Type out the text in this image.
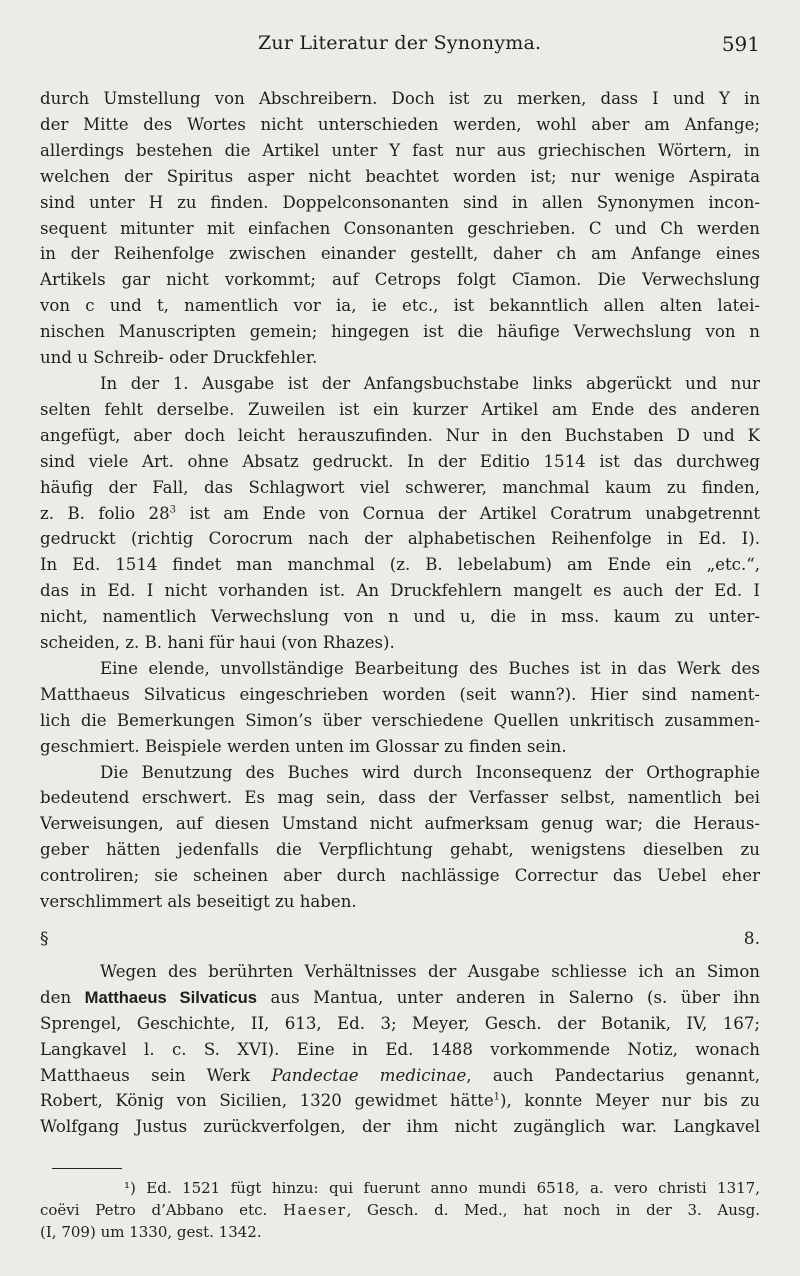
Zur Literatur der Synonyma.	591

durch Umstellung von Abschreibern. Doch ist zu merken, dass I und Y in
der Mitte des Wortes nicht unterschieden werden, wohl aber am Anfange;
allerdings bestehen die Artikel unter Y fast nur aus griechischen Wörtern, in
welchen der Spiritus asper nicht beachtet worden ist; nur wenige Aspirata
sind unter H zu finden. Doppelconsonanten sind in allen Synonymen incon-
sequent mitunter mit einfachen Consonanten geschrieben. C und Ch werden
in der Reihenfolge zwischen einander gestellt, daher ch am Anfange eines
Artikels gar nicht vorkommt; auf Cetrops folgt Cīamon. Die Verwechslung
von c und t, namentlich vor ia, ie etc., ist bekanntlich allen alten latei-
nischen Manuscripten gemein; hingegen ist die häufige Verwechslung von n
und u Schreib- oder Druckfehler.

In der 1. Ausgabe ist der Anfangsbuchstabe links abgerückt und nur
selten fehlt derselbe. Zuweilen ist ein kurzer Artikel am Ende des anderen
angefügt, aber doch leicht herauszufinden. Nur in den Buchstaben D und K
sind viele Art. ohne Absatz gedruckt. In der Editio 1514 ist das durchweg
häufig der Fall, das Schlagwort viel schwerer, manchmal kaum zu finden,
z. B. folio $28^3$ ist am Ende von Cornua der Artikel Coratrum unabgetrennt
gedruckt (richtig Corocrum nach der alphabetischen Reihenfolge in Ed. I).
In Ed. 1514 findet man manchmal (z. B. lebelabum) am Ende ein „etc.“,
das in Ed. I nicht vorhanden ist. An Druckfehlern mangelt es auch der Ed. I
nicht, namentlich Verwechslung von n und u, die in mss. kaum zu unter-
scheiden, z. B. hani für haui (von Rhazes).

Eine elende, unvollständige Bearbeitung des Buches ist in das Werk des
Matthaeus Silvaticus eingeschrieben worden (seit wann?). Hier sind nament-
lich die Bemerkungen Simon’s über verschiedene Quellen unkritisch zusammen-
geschmiert. Beispiele werden unten im Glossar zu finden sein.

Die Benutzung des Buches wird durch Inconsequenz der Orthographie
bedeutend erschwert. Es mag sein, dass der Verfasser selbst, namentlich bei
Verweisungen, auf diesen Umstand nicht aufmerksam genug war; die Heraus-
geber hätten jedenfalls die Verpflichtung gehabt, wenigstens dieselben zu
controliren; sie scheinen aber durch nachlässige Correctur das Uebel eher
verschlimmert als beseitigt zu haben.

§ 8.

Wegen des berührten Verhältnisses der Ausgabe schliesse ich an Simon
den Matthaeus Silvaticus aus Mantua, unter anderen in Salerno (s. über ihn
Sprengel, Geschichte, II, 613, Ed. 3; Meyer, Gesch. der Botanik, IV, 167;
Langkavel l. c. S. XVI). Eine in Ed. 1488 vorkommende Notiz, wonach
Matthaeus sein Werk Pandectae medicinae, auch Pandectarius genannt,
Robert, König von Sicilien, 1320 gewidmet hätte$^1$), konnte Meyer nur bis zu
Wolfgang Justus zurückverfolgen, der ihm nicht zugänglich war. Langkavel

¹) Ed. 1521 fügt hinzu: qui fuerunt anno mundi 6518, a. vero christi 1317,
coëvi Petro d’Abbano etc. Haeser, Gesch. d. Med., hat noch in der 3. Ausg.
(I, 709) um 1330, gest. 1342.
